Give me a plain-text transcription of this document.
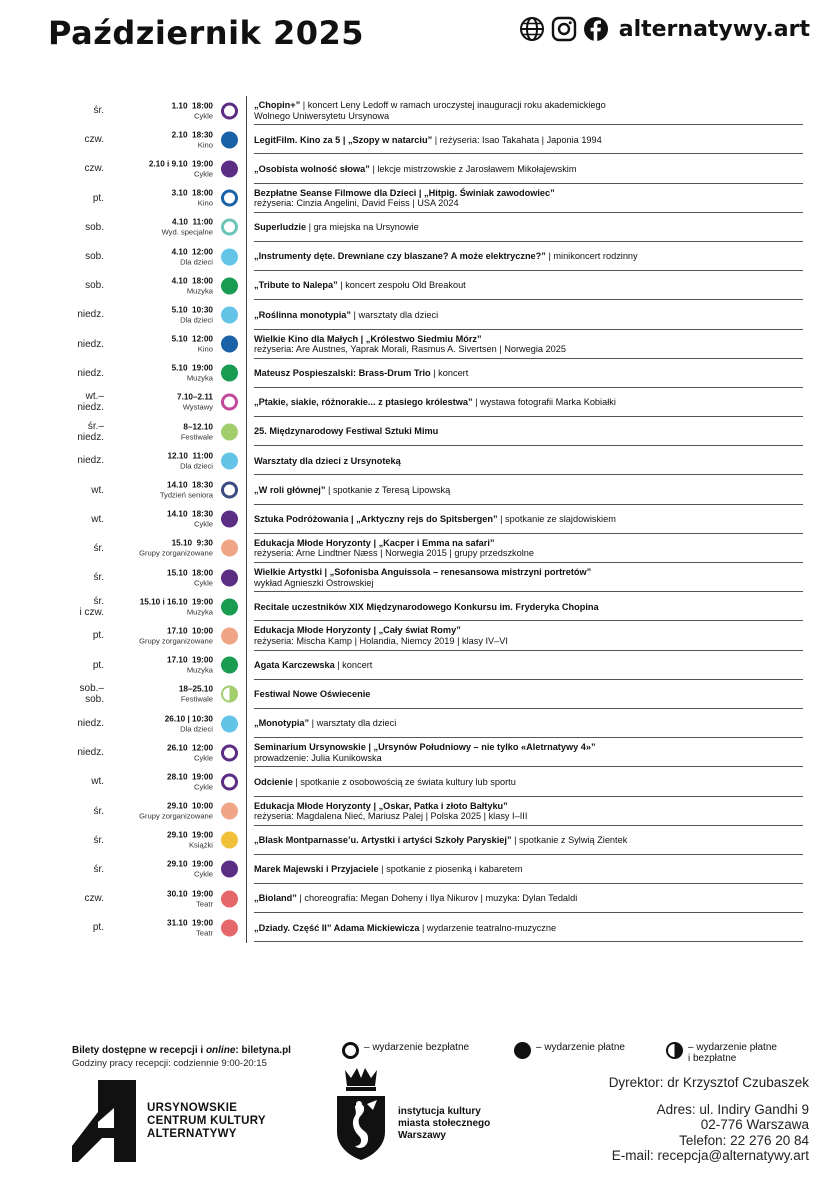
Październik 2025	alternatywy.art
śr.	1.10  18:00
Cykle
„Chopin+” | koncert Leny Ledoff w ramach uroczystej inauguracji roku akademickiego
Wolnego Uniwersytetu Ursynowa
czw.	2.10  18:30
Kino
LegitFilm. Kino za 5 | „Szopy w natarciu” | reżyseria: Isao Takahata | Japonia 1994
czw.	2.10 i 9.10  19:00
Cykle
„Osobista wolność słowa” | lekcje mistrzowskie z Jarosławem Mikołajewskim
pt.	3.10  18:00
Kino
Bezpłatne Seanse Filmowe dla Dzieci | „Hitpig. Świniak zawodowiec”
reżyseria: Cinzia Angelini, David Feiss | USA 2024
sob.	4.10  11:00
Wyd. specjalne
Superludzie | gra miejska na Ursynowie
sob.	4.10  12:00
Dla dzieci
„Instrumenty dęte. Drewniane czy blaszane? A może elektryczne?” | minikoncert rodzinny
sob.	4.10  18:00
Muzyka
„Tribute to Nalepa” | koncert zespołu Old Breakout
niedz.	5.10  10:30
Dla dzieci
„Roślinna monotypia” | warsztaty dla dzieci
niedz.	5.10  12:00
Kino
Wielkie Kino dla Małych | „Królestwo Siedmiu Mórz”
reżyseria: Are Austnes, Yaprak Morali, Rasmus A. Sivertsen | Norwegia 2025
niedz.	5.10  19:00
Muzyka
Mateusz Pospieszalski: Brass-Drum Trio | koncert
wt.–
niedz.
7.10–2.11
Wystawy
„Ptakie, siakie, różnorakie... z ptasiego królestwa” | wystawa fotografii Marka Kobiałki
śr.–
niedz.
8–12.10
Festiwale
25. Międzynarodowy Festiwal Sztuki Mimu
niedz.	12.10  11:00
Dla dzieci
Warsztaty dla dzieci z Ursynoteką
wt.	14.10  18:30
Tydzień seniora
„W roli głównej” | spotkanie z Teresą Lipowską
wt.	14.10  18:30
Cykle
Sztuka Podróżowania | „Arktyczny rejs do Spitsbergen” | spotkanie ze slajdowiskiem
śr.	15.10  9:30
Grupy zorganizowane
Edukacja Młode Horyzonty | „Kacper i Emma na safari”
reżyseria: Arne Lindtner Næss | Norwegia 2015 | grupy przedszkolne
śr.	15.10  18:00
Cykle
Wielkie Artystki | „Sofonisba Anguissola – renesansowa mistrzyni portretów”
wykład Agnieszki Ostrowskiej
śr.
i czw.
15.10 i 16.10  19:00
Muzyka
Recitale uczestników XIX Międzynarodowego Konkursu im. Fryderyka Chopina
pt.	17.10  10:00
Grupy zorganizowane
Edukacja Młode Horyzonty | „Cały świat Romy”
reżyseria: Mischa Kamp | Holandia, Niemcy 2019 | klasy IV–VI
pt.	17.10  19:00
Muzyka
Agata Karczewska | koncert
sob.–
sob.
18–25.10
Festiwale
Festiwal Nowe Oświecenie
niedz.	26.10 | 10:30
Dla dzieci
„Monotypia” | warsztaty dla dzieci
niedz.	26.10  12:00
Cykle
Seminarium Ursynowskie | „Ursynów Południowy – nie tylko «Aletrnatywy 4»”
prowadzenie: Julia Kunikowska
wt.	28.10  19:00
Cykle
Odcienie | spotkanie z osobowością ze świata kultury lub sportu
śr.	29.10  10:00
Grupy zorganizowane
Edukacja Młode Horyzonty | „Oskar, Patka i złoto Bałtyku”
reżyseria: Magdalena Nieć, Mariusz Palej | Polska 2025 | klasy I–III
śr.	29.10  19:00
Książki
„Blask Montparnasse’u. Artystki i artyści Szkoły Paryskiej” | spotkanie z Sylwią Zientek
śr.	29.10  19:00
Cykle
Marek Majewski i Przyjaciele | spotkanie z piosenką i kabaretem
czw.	30.10  19:00
Teatr
„Bioland” | choreografia: Megan Doheny i Ilya Nikurov | muzyka: Dylan Tedaldi
pt.	31.10  19:00
Teatr
„Dziady. Część II” Adama Mickiewicza | wydarzenie teatralno-muzyczne
Bilety dostępne w recepcji i online: biletyna.pl
Godziny pracy recepcji: codziennie 9:00-20:15
– wydarzenie bezpłatne	– wydarzenie płatne	– wydarzenie płatne
i bezpłatne
URSYNOWSKIE
CENTRUM KULTURY
ALTERNATYWY
instytucja kultury
miasta stołecznego
Warszawy
Dyrektor: dr Krzysztof Czubaszek
Adres: ul. Indiry Gandhi 9
02-776 Warszawa
Telefon: 22 276 20 84
E-mail: recepcja@alternatywy.art
